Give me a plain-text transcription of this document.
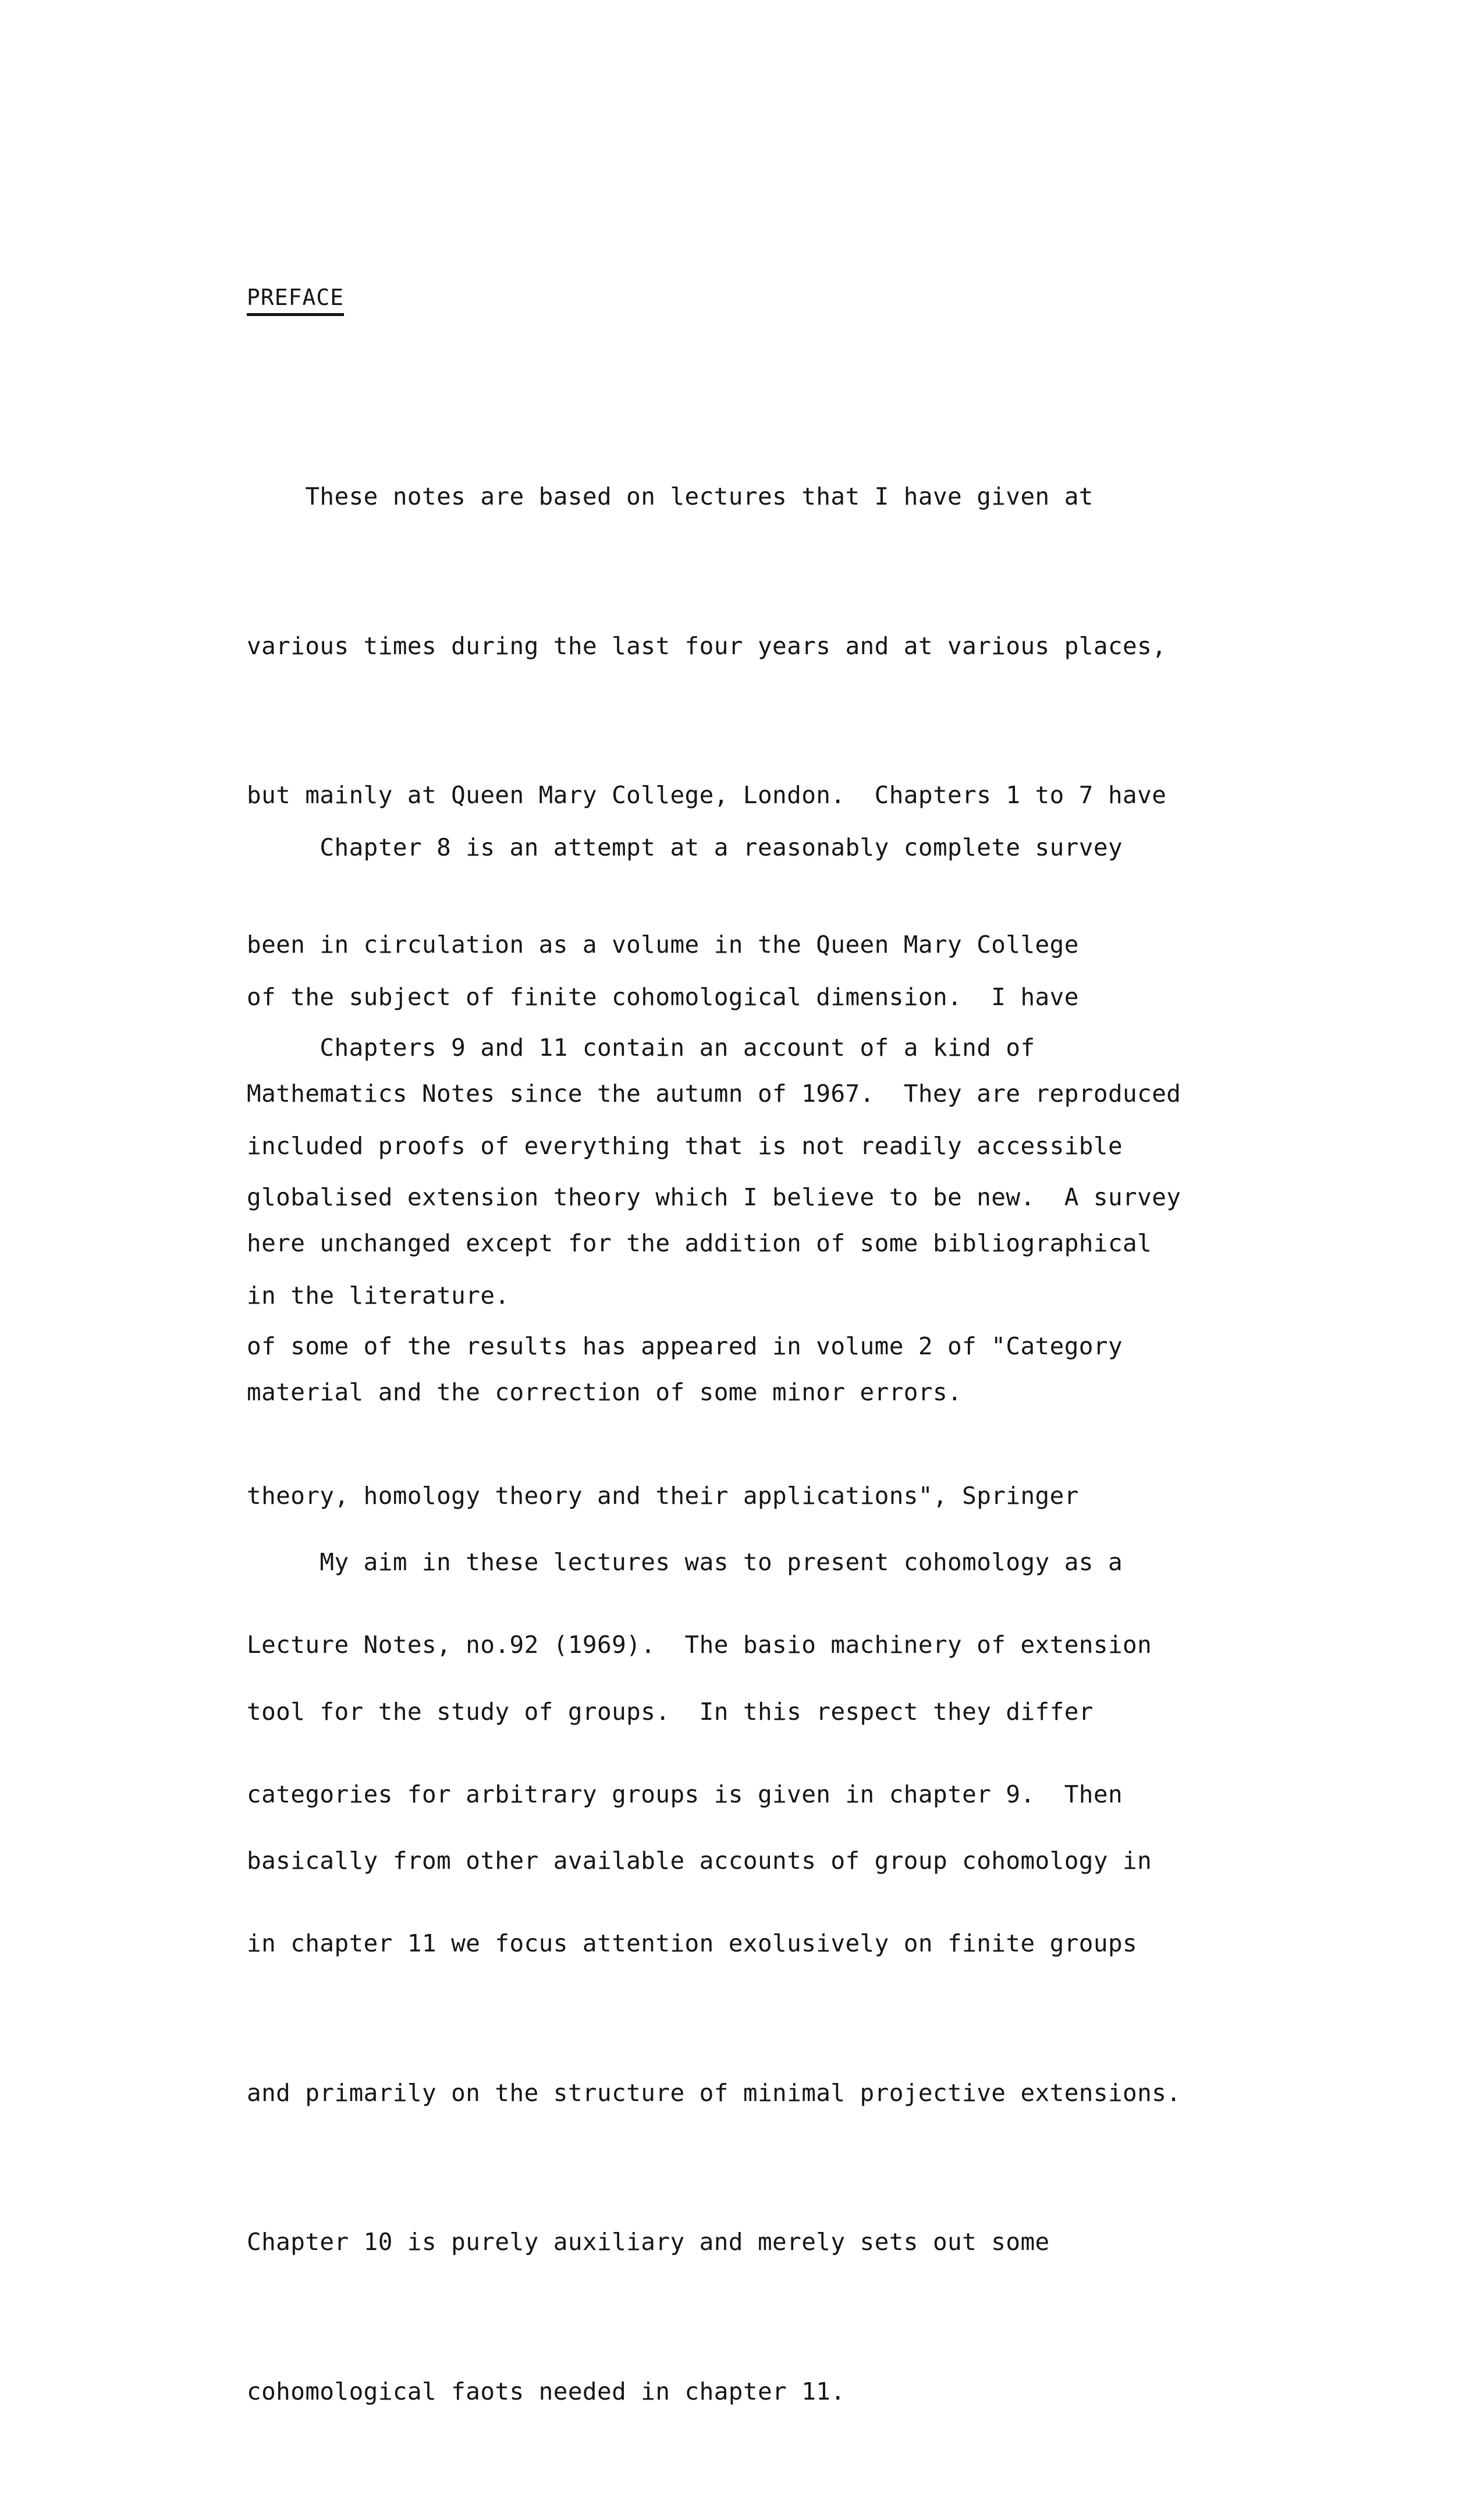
PREFACE

These notes are based on lectures that I have given at

various times during the last four years and at various places,

but mainly at Queen Mary College, London.  Chapters 1 to 7 have

been in circulation as a volume in the Queen Mary College

Mathematics Notes since the autumn of 1967.  They are reproduced

here unchanged except for the addition of some bibliographical

material and the correction of some minor errors.

Chapter 8 is an attempt at a reasonably complete survey

of the subject of finite cohomological dimension.  I have

included proofs of everything that is not readily accessible

in the literature.

Chapters 9 and 11 contain an account of a kind of

globalised extension theory which I believe to be new.  A survey

of some of the results has appeared in volume 2 of "Category

theory, homology theory and their applications", Springer

Lecture Notes, no.92 (1969).  The basio machinery of extension

categories for arbitrary groups is given in chapter 9.  Then

in chapter 11 we focus attention exolusively on finite groups

and primarily on the structure of minimal projective extensions.

Chapter 10 is purely auxiliary and merely sets out some

cohomological faots needed in chapter 11.

My aim in these lectures was to present cohomology as a

tool for the study of groups.  In this respect they differ

basically from other available accounts of group cohomology in
